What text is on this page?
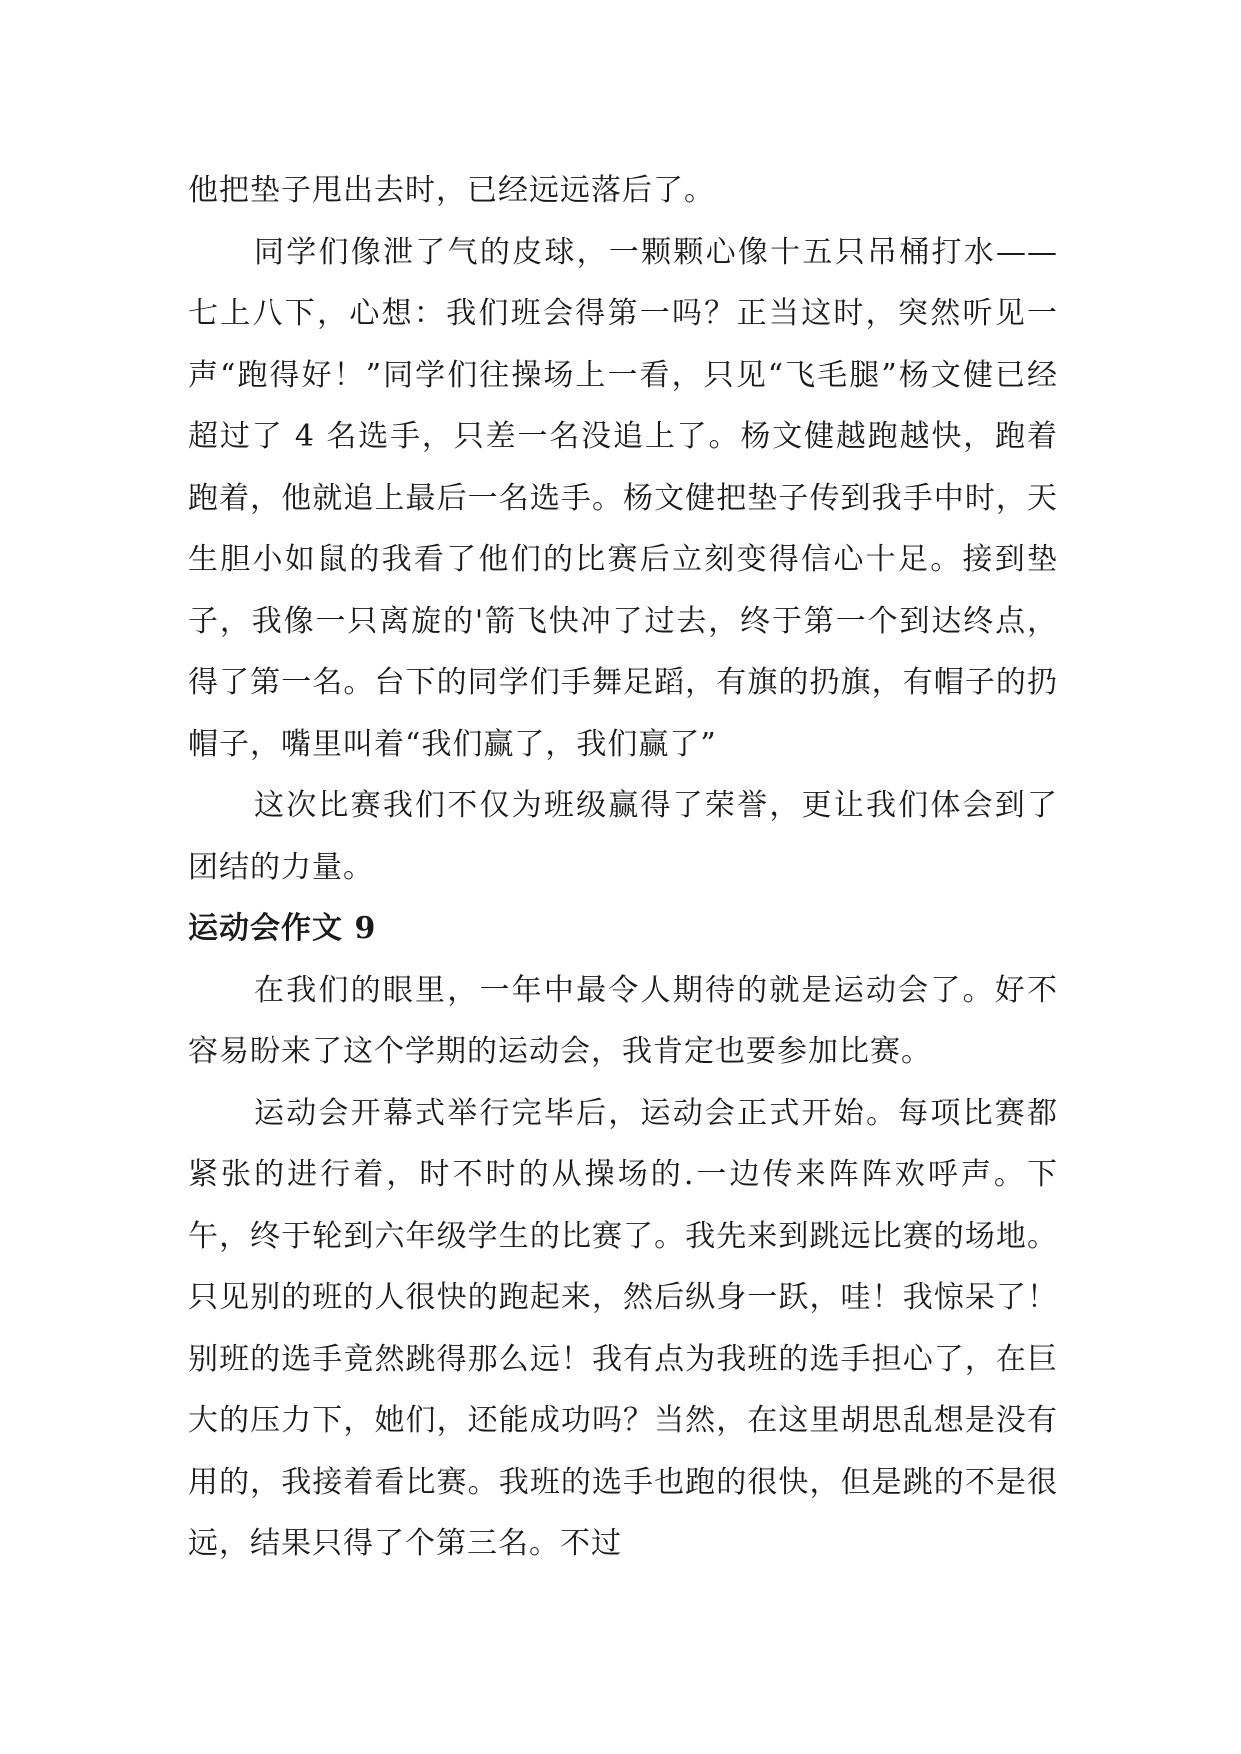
他把垫子甩出去时，已经远远落后了。

同学们像泄了气的皮球，一颗颗心像十五只吊桶打水——七上八下，心想：我们班会得第一吗？正当这时，突然听见一声“跑得好！”同学们往操场上一看，只见“飞毛腿”杨文健已经超过了 4 名选手，只差一名没追上了。杨文健越跑越快，跑着跑着，他就追上最后一名选手。杨文健把垫子传到我手中时，天生胆小如鼠的我看了他们的比赛后立刻变得信心十足。接到垫子，我像一只离旋的'箭飞快冲了过去，终于第一个到达终点，得了第一名。台下的同学们手舞足蹈，有旗的扔旗，有帽子的扔帽子，嘴里叫着“我们赢了，我们赢了”

这次比赛我们不仅为班级赢得了荣誉，更让我们体会到了团结的力量。

运动会作文 9

在我们的眼里，一年中最令人期待的就是运动会了。好不容易盼来了这个学期的运动会，我肯定也要参加比赛。

运动会开幕式举行完毕后，运动会正式开始。每项比赛都紧张的进行着，时不时的从操场的.一边传来阵阵欢呼声。下午，终于轮到六年级学生的比赛了。我先来到跳远比赛的场地。只见别的班的人很快的跑起来，然后纵身一跃，哇！我惊呆了！别班的选手竟然跳得那么远！我有点为我班的选手担心了，在巨大的压力下，她们，还能成功吗？当然，在这里胡思乱想是没有用的，我接着看比赛。我班的选手也跑的很快，但是跳的不是很远，结果只得了个第三名。不过
